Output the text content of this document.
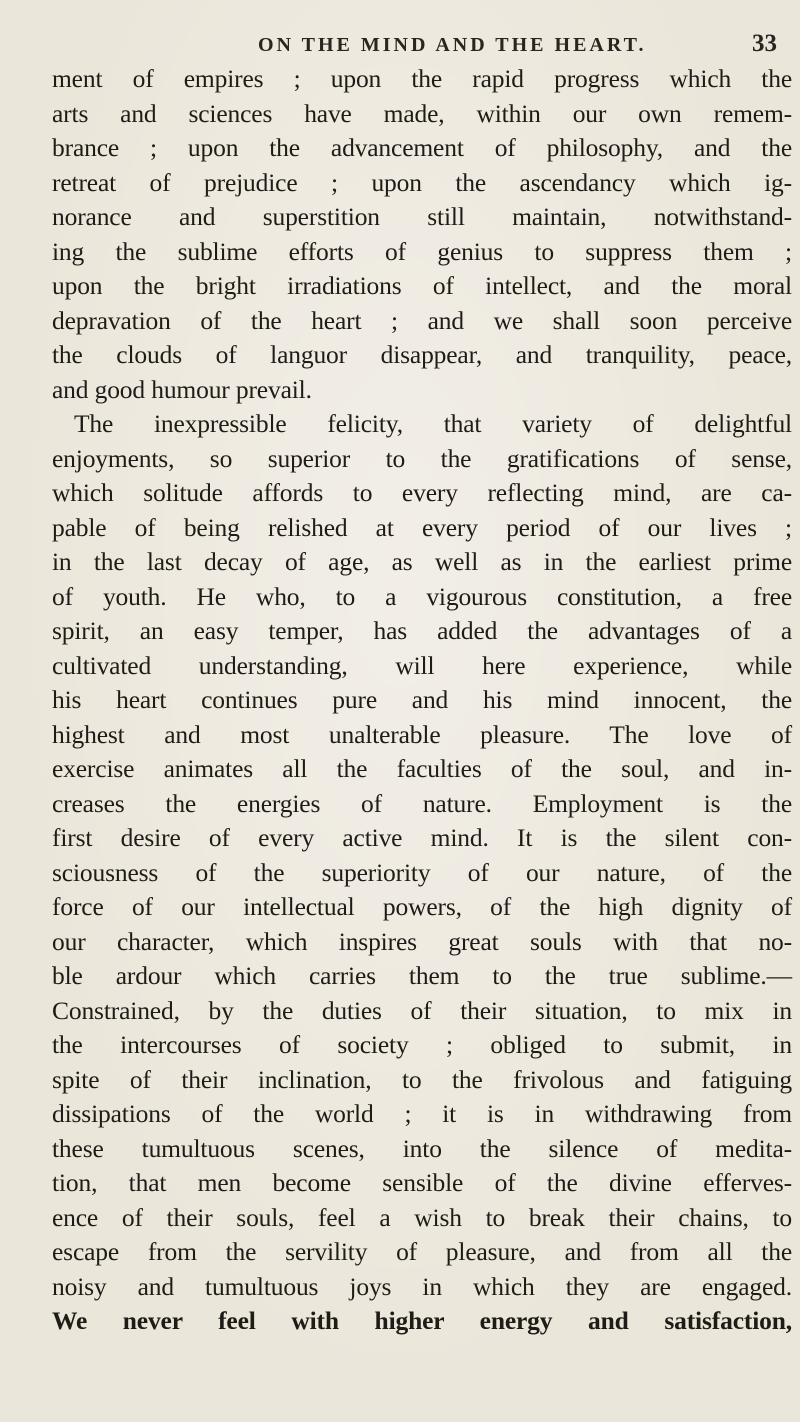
ON THE MIND AND THE HEART.	33
ment of empires ; upon the rapid progress which the
arts and sciences have made, within our own remem-
brance ; upon the advancement of philosophy, and the
retreat of prejudice ; upon the ascendancy which ig-
norance and superstition still maintain, notwithstand-
ing the sublime efforts of genius to suppress them ;
upon the bright irradiations of intellect, and the moral
depravation of the heart ; and we shall soon perceive
the clouds of languor disappear, and tranquility, peace,
and good humour prevail.
The inexpressible felicity, that variety of delightful
enjoyments, so superior to the gratifications of sense,
which solitude affords to every reflecting mind, are ca-
pable of being relished at every period of our lives ;
in the last decay of age, as well as in the earliest prime
of youth. He who, to a vigourous constitution, a free
spirit, an easy temper, has added the advantages of a
cultivated understanding, will here experience, while
his heart continues pure and his mind innocent, the
highest and most unalterable pleasure. The love of
exercise animates all the faculties of the soul, and in-
creases the energies of nature. Employment is the
first desire of every active mind. It is the silent con-
sciousness of the superiority of our nature, of the
force of our intellectual powers, of the high dignity of
our character, which inspires great souls with that no-
ble ardour which carries them to the true sublime.—
Constrained, by the duties of their situation, to mix in
the intercourses of society ; obliged to submit, in
spite of their inclination, to the frivolous and fatiguing
dissipations of the world ; it is in withdrawing from
these tumultuous scenes, into the silence of medita-
tion, that men become sensible of the divine efferves-
ence of their souls, feel a wish to break their chains, to
escape from the servility of pleasure, and from all the
noisy and tumultuous joys in which they are engaged.
We never feel with higher energy and satisfaction,
